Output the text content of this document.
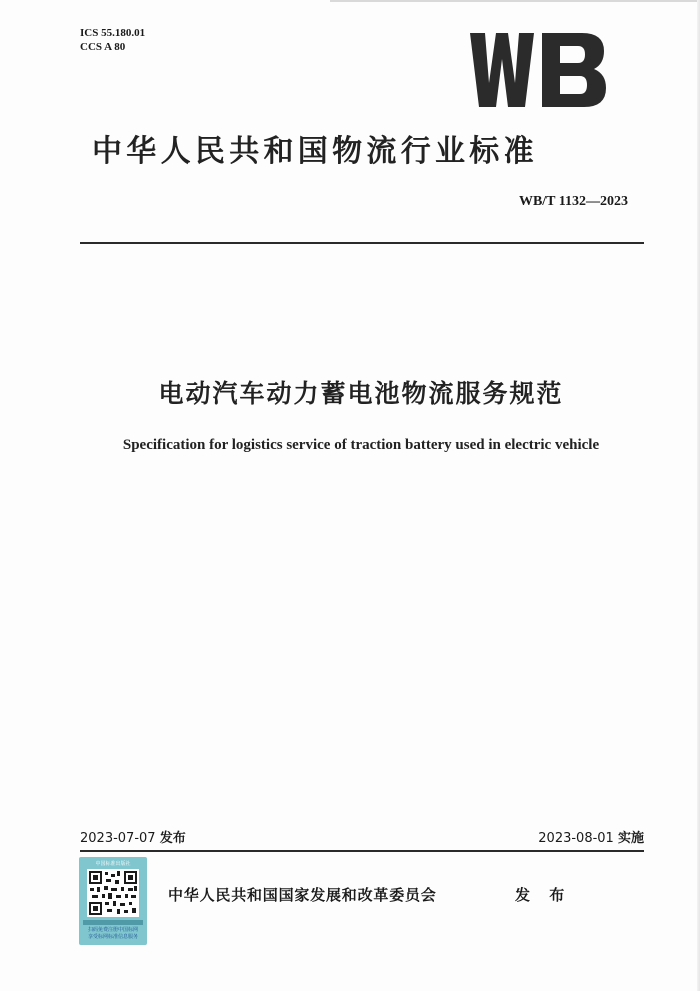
ICS 55.180.01
CCS A 80
中华人民共和国物流行业标准
WB/T 1132—2023
电动汽车动力蓄电池物流服务规范
Specification for logistics service of traction battery used in electric vehicle
2023-07-07 发布	2023-08-01 实施
中国标准出版社
扫码免费注册中国标网
享受标网标准信息服务
中华人民共和国国家发展和改革委员会	发 布
